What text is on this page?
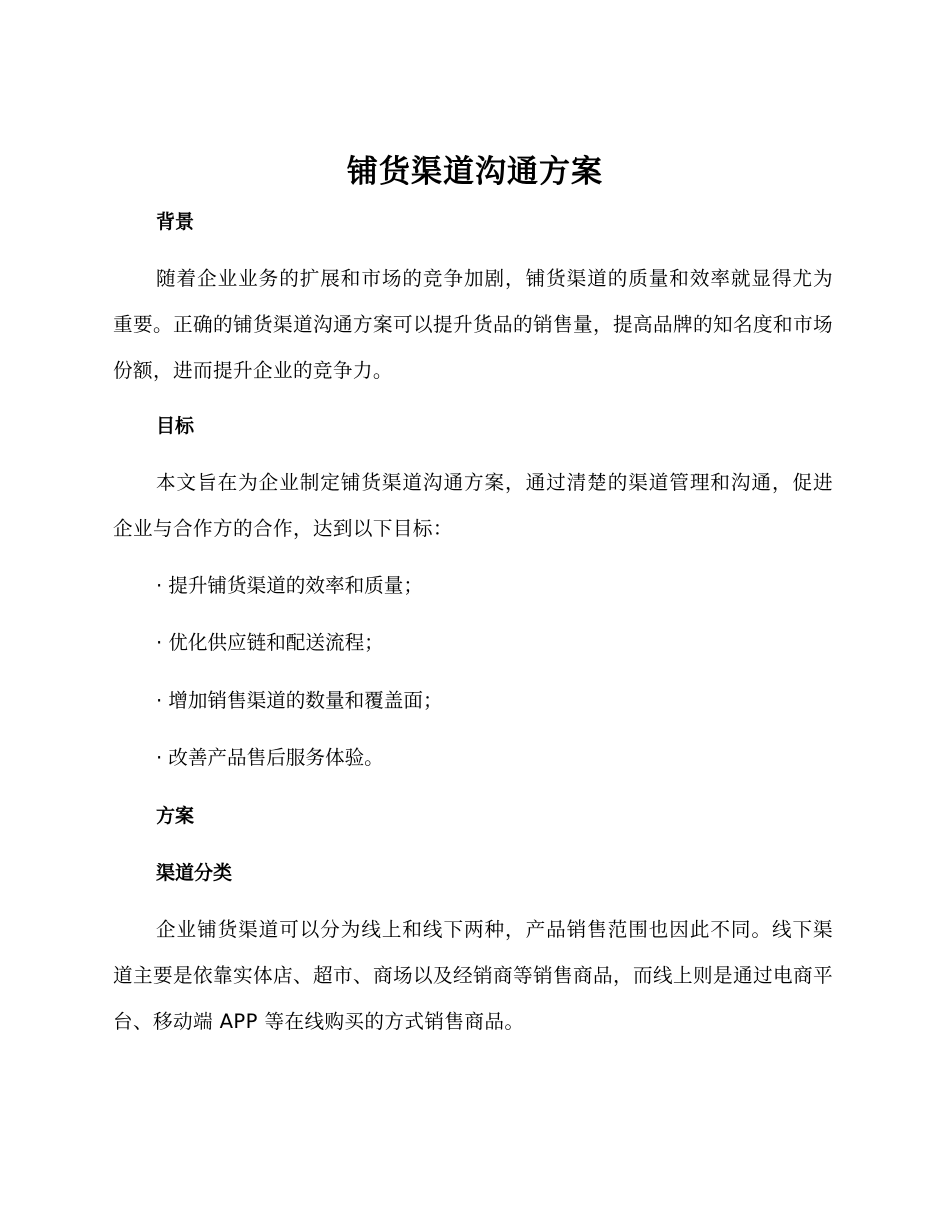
铺货渠道沟通方案
背景

随着企业业务的扩展和市场的竞争加剧，铺货渠道的质量和效率就显得尤为重要。正确的铺货渠道沟通方案可以提升货品的销售量，提高品牌的知名度和市场份额，进而提升企业的竞争力。

目标

本文旨在为企业制定铺货渠道沟通方案，通过清楚的渠道管理和沟通，促进企业与合作方的合作，达到以下目标：

· 提升铺货渠道的效率和质量；

· 优化供应链和配送流程；

· 增加销售渠道的数量和覆盖面；

· 改善产品售后服务体验。

方案
渠道分类

企业铺货渠道可以分为线上和线下两种，产品销售范围也因此不同。线下渠道主要是依靠实体店、超市、商场以及经销商等销售商品，而线上则是通过电商平台、移动端 APP 等在线购买的方式销售商品。
